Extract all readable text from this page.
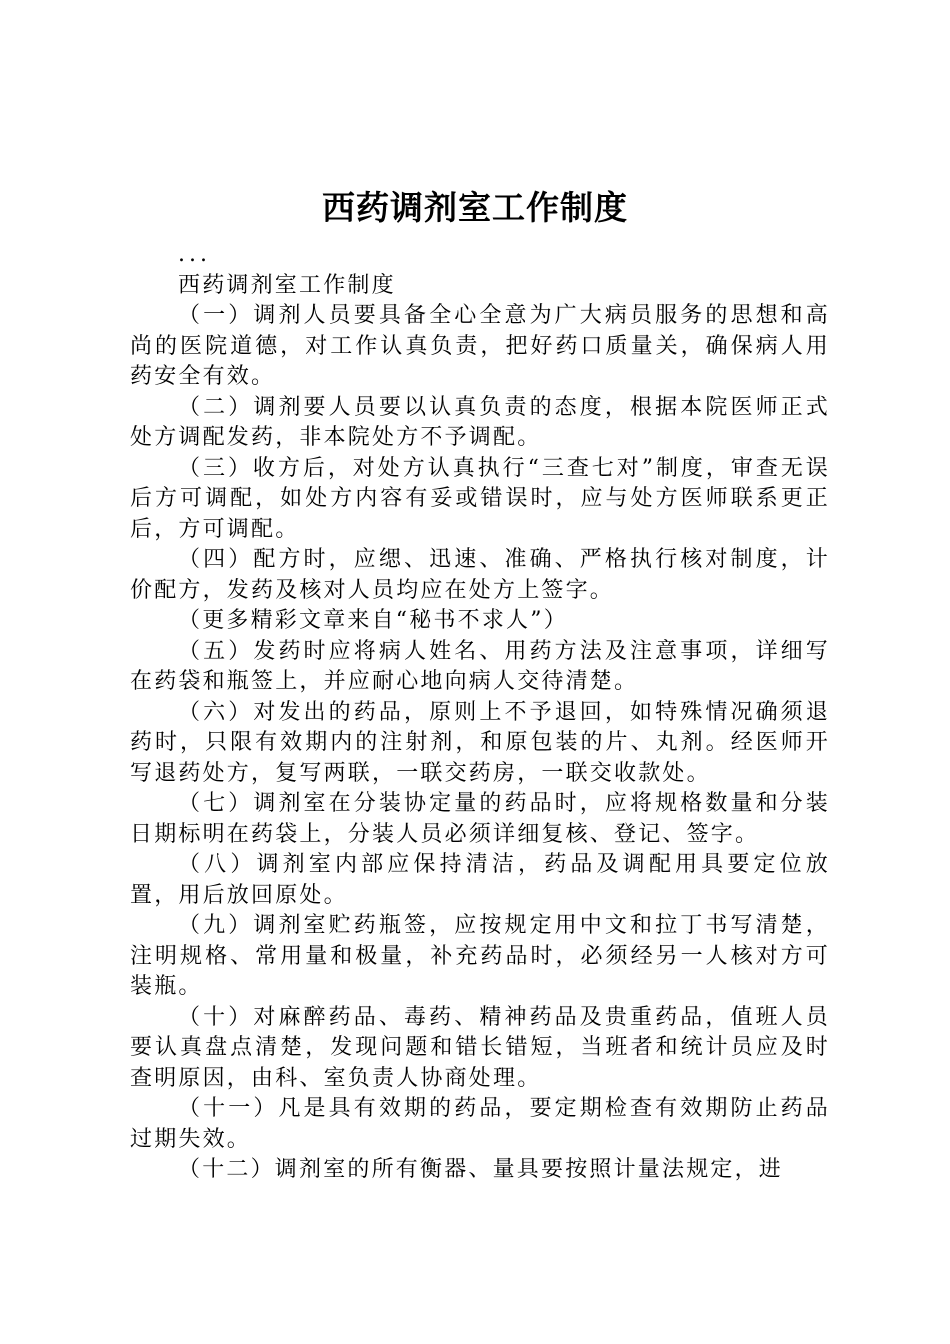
西药调剂室工作制度

...

西药调剂室工作制度

（一）调剂人员要具备全心全意为广大病员服务的思想和高尚的医院道德，对工作认真负责，把好药口质量关，确保病人用药安全有效。

（二）调剂要人员要以认真负责的态度，根据本院医师正式处方调配发药，非本院处方不予调配。

（三）收方后，对处方认真执行“三查七对”制度，审查无误后方可调配，如处方内容有妥或错误时，应与处方医师联系更正后，方可调配。

（四）配方时，应缌、迅速、准确、严格执行核对制度，计价配方，发药及核对人员均应在处方上签字。

（更多精彩文章来自“秘书不求人”）

（五）发药时应将病人姓名、用药方法及注意事项，详细写在药袋和瓶签上，并应耐心地向病人交待清楚。

（六）对发出的药品，原则上不予退回，如特殊情况确须退药时，只限有效期内的注射剂，和原包装的片、丸剂。经医师开写退药处方，复写两联，一联交药房，一联交收款处。

（七）调剂室在分装协定量的药品时，应将规格数量和分装日期标明在药袋上，分装人员必须详细复核、登记、签字。

（八）调剂室内部应保持清洁，药品及调配用具要定位放置，用后放回原处。

（九）调剂室贮药瓶签，应按规定用中文和拉丁书写清楚，注明规格、常用量和极量，补充药品时，必须经另一人核对方可装瓶。

（十）对麻醉药品、毒药、精神药品及贵重药品，值班人员要认真盘点清楚，发现问题和错长错短，当班者和统计员应及时查明原因，由科、室负责人协商处理。

（十一）凡是具有效期的药品，要定期检查有效期防止药品过期失效。

（十二）调剂室的所有衡器、量具要按照计量法规定，进
